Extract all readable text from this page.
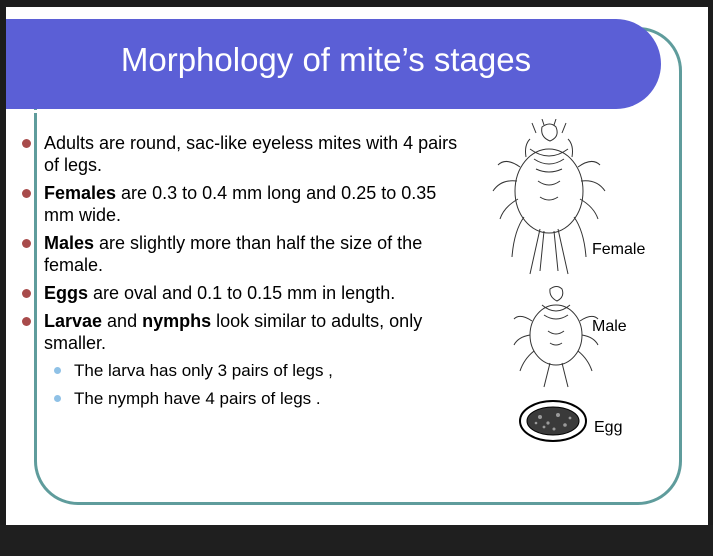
Morphology of mite’s stages
Adults are round, sac-like eyeless mites with 4 pairs of legs.
Females are 0.3 to 0.4 mm long and 0.25 to 0.35 mm wide.
Males are slightly more than half the size of the female.
Eggs are oval and 0.1 to 0.15 mm in length.
Larvae and nymphs look similar to adults, only smaller.
The larva has only 3 pairs of legs ,
The nymph have 4 pairs of legs .
Female
Male
Egg
